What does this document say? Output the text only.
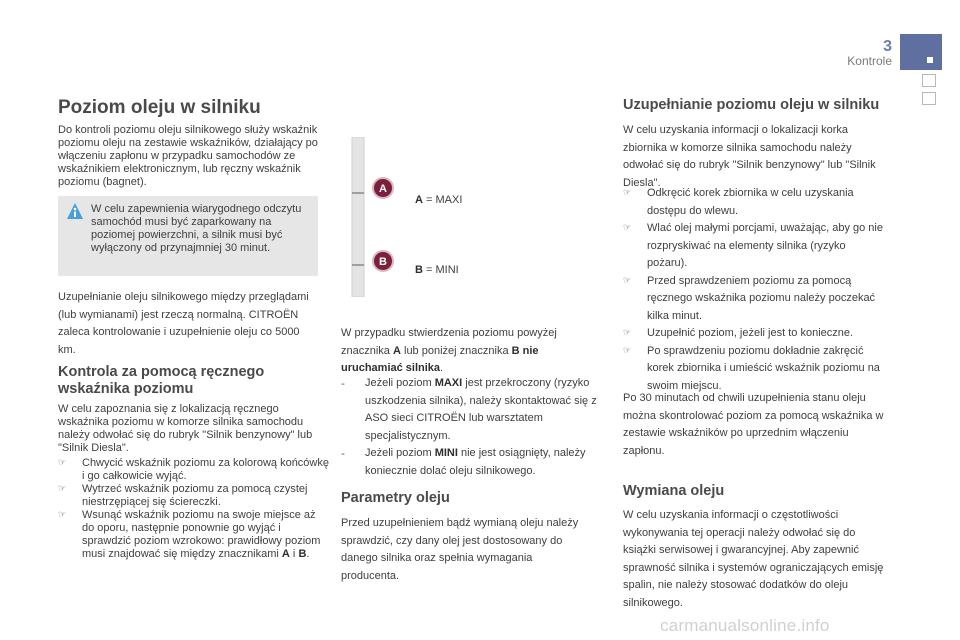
3
Kontrole
Poziom oleju w silniku

Do kontroli poziomu oleju silnikowego służy wskaźnik poziomu oleju na zestawie wskaźników, działający po włączeniu zapłonu w przypadku samochodów ze wskaźnikiem elektronicznym, lub ręczny wskaźnik poziomu (bagnet).

W celu zapewnienia wiarygodnego odczytu samochód musi być zaparkowany na poziomej powierzchni, a silnik musi być wyłączony od przynajmniej 30 minut.

Uzupełnianie oleju silnikowego między przeglądami (lub wymianami) jest rzeczą normalną. CITROËN zaleca kontrolowanie i uzupełnienie oleju co 5000 km.

Kontrola za pomocą ręcznego wskaźnika poziomu

W celu zapoznania się z lokalizacją ręcznego wskaźnika poziomu w komorze silnika samochodu należy odwołać się do rubryk "Silnik benzynowy" lub "Silnik Diesla".

☞ Chwycić wskaźnik poziomu za kolorową końcówkę i go całkowicie wyjąć.
☞ Wytrzeć wskaźnik poziomu za pomocą czystej niestrzępiącej się ściereczki.
☞ Wsunąć wskaźnik poziomu na swoje miejsce aż do oporu, następnie ponownie go wyjąć i sprawdzić poziom wzrokowo: prawidłowy poziom musi znajdować się między znacznikami A i B.
A
B
A = MAXI
B = MINI

W przypadku stwierdzenia poziomu powyżej znacznika A lub poniżej znacznika B nie uruchamiać silnika.

- Jeżeli poziom MAXI jest przekroczony (ryzyko uszkodzenia silnika), należy skontaktować się z ASO sieci CITROËN lub warsztatem specjalistycznym.
- Jeżeli poziom MINI nie jest osiągnięty, należy koniecznie dolać oleju silnikowego.
Parametry oleju

Przed uzupełnieniem bądź wymianą oleju należy sprawdzić, czy dany olej jest dostosowany do danego silnika oraz spełnia wymagania producenta.

Uzupełnianie poziomu oleju w silniku

W celu uzyskania informacji o lokalizacji korka zbiornika w komorze silnika samochodu należy odwołać się do rubryk "Silnik benzynowy" lub "Silnik Diesla".

☞ Odkręcić korek zbiornika w celu uzyskania dostępu do wlewu.
☞ Wlać olej małymi porcjami, uważając, aby go nie rozpryskiwać na elementy silnika (ryzyko pożaru).
☞ Przed sprawdzeniem poziomu za pomocą ręcznego wskaźnika poziomu należy poczekać kilka minut.
☞ Uzupełnić poziom, jeżeli jest to konieczne.
☞ Po sprawdzeniu poziomu dokładnie zakręcić korek zbiornika i umieścić wskaźnik poziomu na swoim miejscu.

Po 30 minutach od chwili uzupełnienia stanu oleju można skontrolować poziom za pomocą wskaźnika w zestawie wskaźników po uprzednim włączeniu zapłonu.

Wymiana oleju

W celu uzyskania informacji o częstotliwości wykonywania tej operacji należy odwołać się do książki serwisowej i gwarancyjnej. Aby zapewnić sprawność silnika i systemów ograniczających emisję spalin, nie należy stosować dodatków do oleju silnikowego.

carmanualsonline.info
